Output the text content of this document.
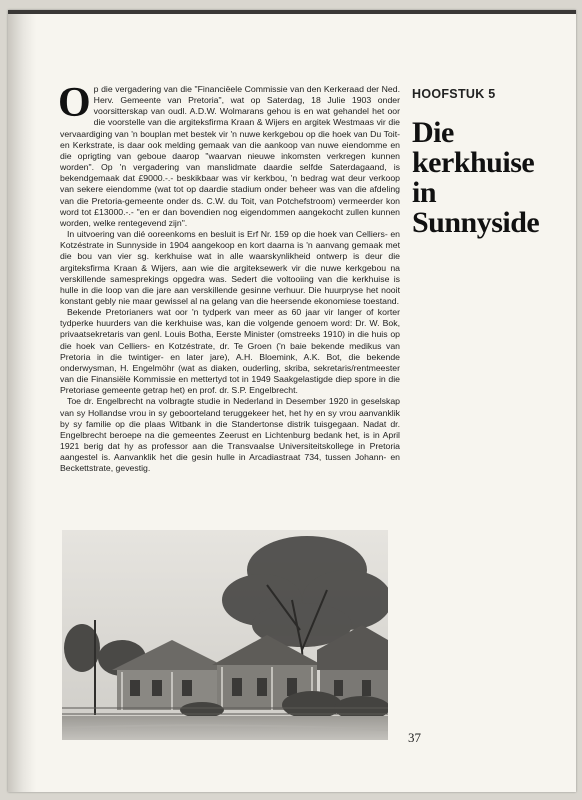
Op die vergadering van die "Financiëele Commissie van den Kerkeraad der Ned. Herv. Gemeente van Pretoria", wat op Saterdag, 18 Julie 1903 onder voorsitterskap van oudl. A.D.W. Wolmarans gehou is en wat gehandel het oor die voorstelle van die argiteksfirma Kraan & Wijers en argitek Westmaas vir die vervaardiging van 'n bouplan met bestek vir 'n nuwe kerkgebou op die hoek van Du Toit- en Kerkstrate, is daar ook melding gemaak van die aankoop van nuwe eiendomme en die oprigting van geboue daarop "waarvan nieuwe inkomsten verkregen kunnen worden". Op 'n vergadering van manslidmate daardie selfde Saterdagaand, is bekendgemaak dat £9000.-.- beskikbaar was vir kerkbou, 'n bedrag wat deur verkoop van sekere eiendomme (wat tot op daardie stadium onder beheer was van die afdeling van die Pretoria-gemeente onder ds. C.W. du Toit, van Potchefstroom) vermeerder kon word tot £13000.-.- "en er dan bovendien nog eigendommen aangekocht zullen kunnen worden, welke rentegevend zijn".

In uitvoering van dié ooreenkoms en besluit is Erf Nr. 159 op die hoek van Celliers- en Kotzéstrate in Sunnyside in 1904 aangekoop en kort daarna is 'n aanvang gemaak met die bou van vier sg. kerkhuise wat in alle waarskynlikheid ontwerp is deur die argiteksfirma Kraan & Wijers, aan wie die argiteksewerk vir die nuwe kerkgebou na verskillende samesprekings opgedra was. Sedert die voltooiing van die kerkhuise is hulle in die loop van die jare aan verskillende gesinne verhuur. Die huurpryse het nooit konstant gebly nie maar gewissel al na gelang van die heersende ekonomiese toestand.

Bekende Pretorianers wat oor 'n tydperk van meer as 60 jaar vir langer of korter tydperke huurders van die kerkhuise was, kan die volgende genoem word: Dr. W. Bok, privaatsekretaris van genl. Louis Botha, Eerste Minister (omstreeks 1910) in die huis op die hoek van Celliers- en Kotzéstrate, dr. Te Groen ('n baie bekende medikus van Pretoria in die twintiger- en later jare), A.H. Bloemink, A.K. Bot, die bekende onderwysman, H. Engelmöhr (wat as diaken, ouderling, skriba, sekretaris/rentmeester van die Finansiële Kommissie en mettertyd tot in 1949 Saakgelastigde diep spore in die Pretoriase gemeente getrap het) en prof. dr. S.P. Engelbrecht.

Toe dr. Engelbrecht na volbragte studie in Nederland in Desember 1920 in geselskap van sy Hollandse vrou in sy geboorteland teruggekeer het, het hy en sy vrou aanvanklik by sy familie op die plaas Witbank in die Standertonse distrik tuisgegaan. Nadat dr. Engelbrecht beroepe na die gemeentes Zeerust en Lichtenburg bedank het, is in April 1921 berig dat hy as professor aan die Transvaalse Universiteitskollege in Pretoria aangestel is. Aanvanklik het die gesin hulle in Arcadiastraat 734, tussen Johann- en Beckettstrate, gevestig.

HOOFSTUK 5
Die
kerkhuise
in
Sunnyside
37
